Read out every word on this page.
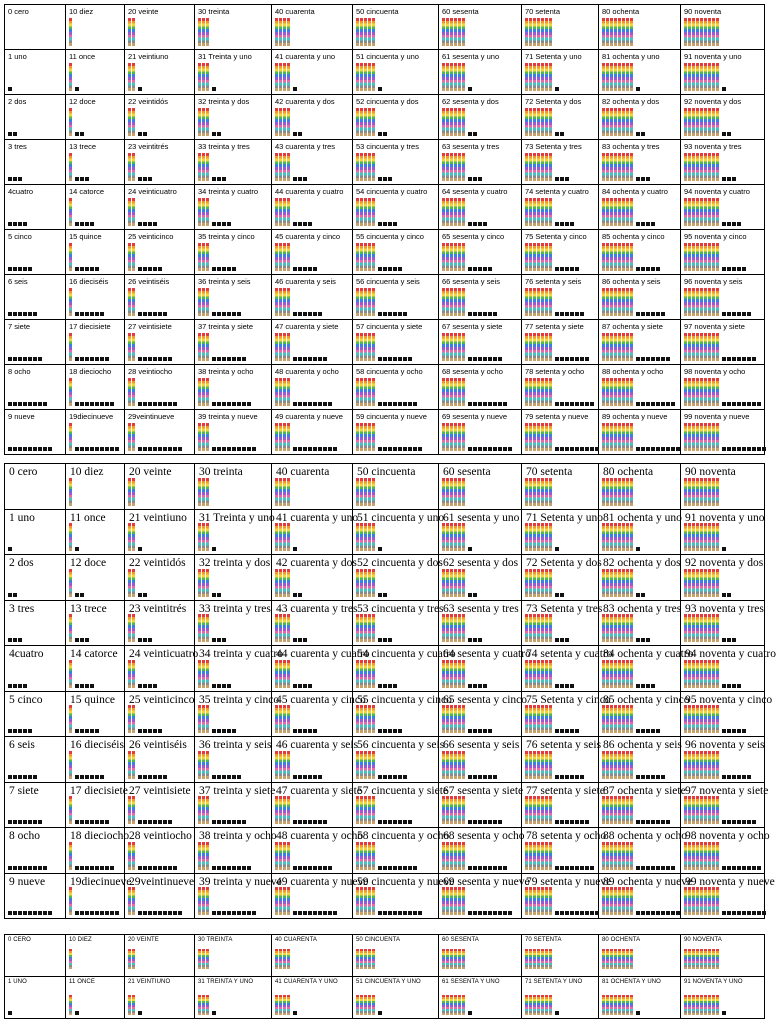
0 cero	10 diez	20 veinte	30 treinta	40 cuarenta	50 cincuenta	60 sesenta	70 setenta	80 ochenta	90 noventa

1 uno	11 once	21 veintiuno	31 Treinta y uno	41 cuarenta y uno	51 cincuenta y uno	61 sesenta y uno	71 Setenta y uno	81 ochenta y uno	91 noventa y uno

2 dos	12 doce	22 veintidós	32 treinta y dos	42 cuarenta y dos	52 cincuenta y dos	62 sesenta y dos	72 Setenta y dos	82 ochenta y dos	92 noventa y dos

3 tres	13 trece	23 veintitrés	33 treinta y tres	43 cuarenta y tres	53 cincuenta y tres	63 sesenta y tres	73 Setenta y tres	83 ochenta y tres	93 noventa y tres

4cuatro	14 catorce	24 veinticuatro	34 treinta y cuatro	44 cuarenta y cuatro	54 cincuenta y cuatro	64 sesenta y cuatro	74 setenta y cuatro	84 ochenta y cuatro	94 noventa y cuatro

5 cinco	15 quince	25 veinticinco	35 treinta y cinco	45 cuarenta y cinco	55 cincuenta y cinco	65 sesenta y cinco	75 Setenta y cinco	85 ochenta y cinco	95 noventa y cinco

6 seis	16 dieciséis	26 veintiséis	36 treinta y seis	46 cuarenta y seis	56 cincuenta y seis	66 sesenta y seis	76 setenta y seis	86 ochenta y seis	96 noventa y seis

7 siete	17 diecisiete	27 veintisiete	37 treinta y siete	47 cuarenta y siete	57 cincuenta y siete	67 sesenta y siete	77 setenta y siete	87 ochenta y siete	97 noventa y siete

8 ocho	18 dieciocho	28 veintiocho	38 treinta y ocho	48 cuarenta y ocho	58 cincuenta y ocho	68 sesenta y ocho	78 setenta y ocho	88 ochenta y ocho	98 noventa y ocho

9 nueve	19diecinueve	29veintinueve	39 treinta y nueve	49 cuarenta y nueve	59 cincuenta y nueve	69 sesenta y nueve	79 setenta y nueve	89 ochenta y nueve	99 noventa y nueve
0 cero	10 diez	20 veinte	30 treinta	40 cuarenta	50 cincuenta	60 sesenta	70 setenta	80 ochenta	90 noventa

1 uno	11 once	21 veintiuno	31 Treinta y uno	41 cuarenta y uno	51 cincuenta y uno	61 sesenta y uno	71 Setenta y uno	81 ochenta y uno	91 noventa y uno

2 dos	12 doce	22 veintidós	32 treinta y dos	42 cuarenta y dos	52 cincuenta y dos	62 sesenta y dos	72 Setenta y dos	82 ochenta y dos	92 noventa y dos

3 tres	13 trece	23 veintitrés	33 treinta y tres	43 cuarenta y tres	53 cincuenta y tres	63 sesenta y tres	73 Setenta y tres	83 ochenta y tres	93 noventa y tres

4cuatro	14 catorce	24 veinticuatro	34 treinta y cuatro	44 cuarenta y cuatro	54 cincuenta y cuatro	64 sesenta y cuatro	74 setenta y cuatro	84 ochenta y cuatro	94 noventa y cuatro

5 cinco	15 quince	25 veinticinco	35 treinta y cinco	45 cuarenta y cinco	55 cincuenta y cinco	65 sesenta y cinco	75 Setenta y cinco	85 ochenta y cinco	95 noventa y cinco

6 seis	16 dieciséis	26 veintiséis	36 treinta y seis	46 cuarenta y seis	56 cincuenta y seis	66 sesenta y seis	76 setenta y seis	86 ochenta y seis	96 noventa y seis

7 siete	17 diecisiete	27 veintisiete	37 treinta y siete	47 cuarenta y siete	57 cincuenta y siete	67 sesenta y siete	77 setenta y siete	87 ochenta y siete	97 noventa y siete

8 ocho	18 dieciocho	28 veintiocho	38 treinta y ocho	48 cuarenta y ocho	58 cincuenta y ocho	68 sesenta y ocho	78 setenta y ocho	88 ochenta y ocho	98 noventa y ocho

9 nueve	19diecinueve	29veintinueve	39 treinta y nueve	49 cuarenta y nueve	59 cincuenta y nueve	69 sesenta y nueve	79 setenta y nueve	89 ochenta y nueve	99 noventa y nueve
0 CERO	10 DIEZ	20 VEINTE	30 TREINTA	40 CUARENTA	50 CINCUENTA	60 SESENTA	70 SETENTA	80 OCHENTA	90 NOVENTA

1 UNO	11 ONCE	21 VEINTIUNO	31 TREINTA Y UNO	41 CUARENTA Y UNO	51 CINCUENTA Y UNO	61 SESENTA Y UNO	71 SETENTA Y UNO	81 OCHENTA Y UNO	91 NOVENTA Y UNO
